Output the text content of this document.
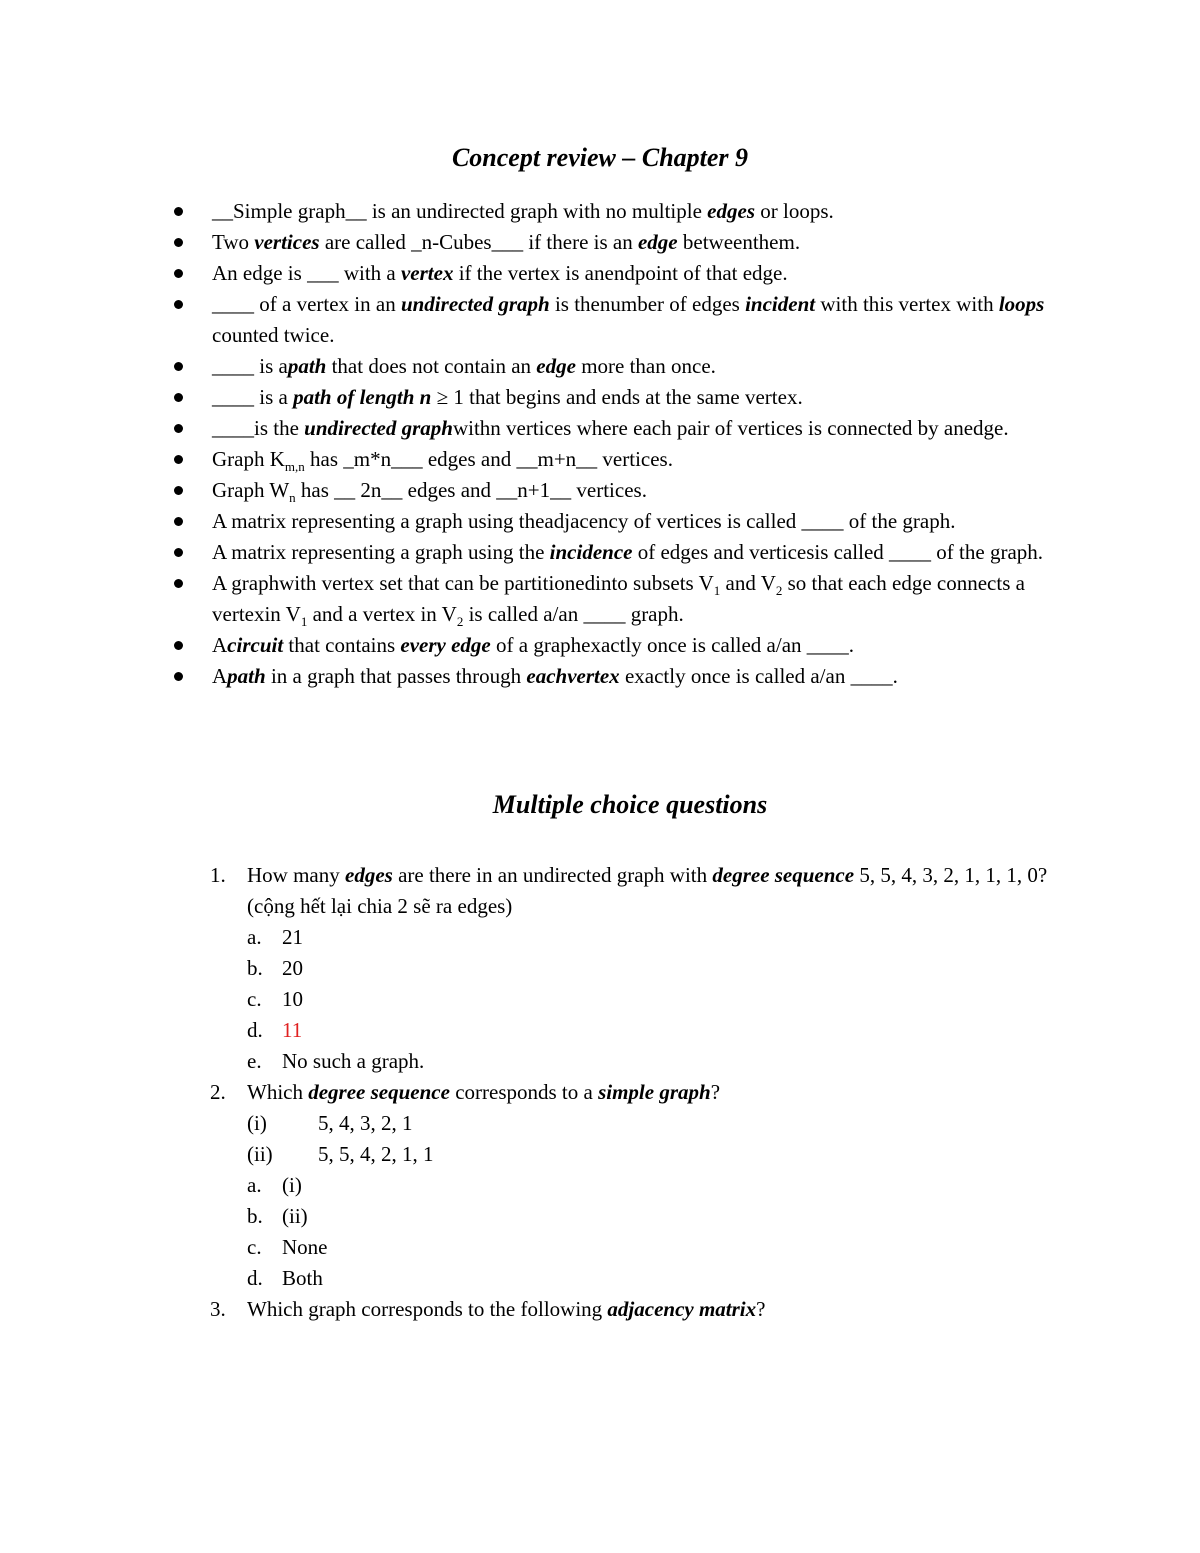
Concept review – Chapter 9
__Simple graph__ is an undirected graph with no multiple edges or loops.
Two vertices are called _n-Cubes___ if there is an edge betweenthem.
An edge is ___ with a vertex if the vertex is anendpoint of that edge.
____ of a vertex in an undirected graph is thenumber of edges incident with this vertex with loops counted twice.
____ is apath that does not contain an edge more than once.
____ is a path of length n ≥ 1 that begins and ends at the same vertex.
____is the undirected graphwithn vertices where each pair of vertices is connected by anedge.
Graph $K_{m,n}$ has _m*n___ edges and __m+n__ vertices.
Graph $W_n$ has __ 2n__ edges and __n+1__ vertices.
A matrix representing a graph using theadjacency of vertices is called ____ of the graph.
A matrix representing a graph using the incidence of edges and verticesis called ____ of the graph.
A graphwith vertex set that can be partitionedinto subsets $V_1$ and $V_2$ so that each edge connects a vertexin $V_1$ and a vertex in $V_2$ is called a/an ____ graph.
Acircuit that contains every edge of a graphexactly once is called a/an ____.
Apath in a graph that passes through eachvertex exactly once is called a/an ____.
Multiple choice questions
1. How many edges are there in an undirected graph with degree sequence 5, 5, 4, 3, 2, 1, 1, 1, 0? (cộng hết lại chia 2 sẽ ra edges)
a. 21
b. 20
c. 10
d. 11
e. No such a graph.
2. Which degree sequence corresponds to a simple graph?
(i) 5, 4, 3, 2, 1
(ii) 5, 5, 4, 2, 1, 1
a. (i)
b. (ii)
c. None
d. Both
3. Which graph corresponds to the following adjacency matrix?
